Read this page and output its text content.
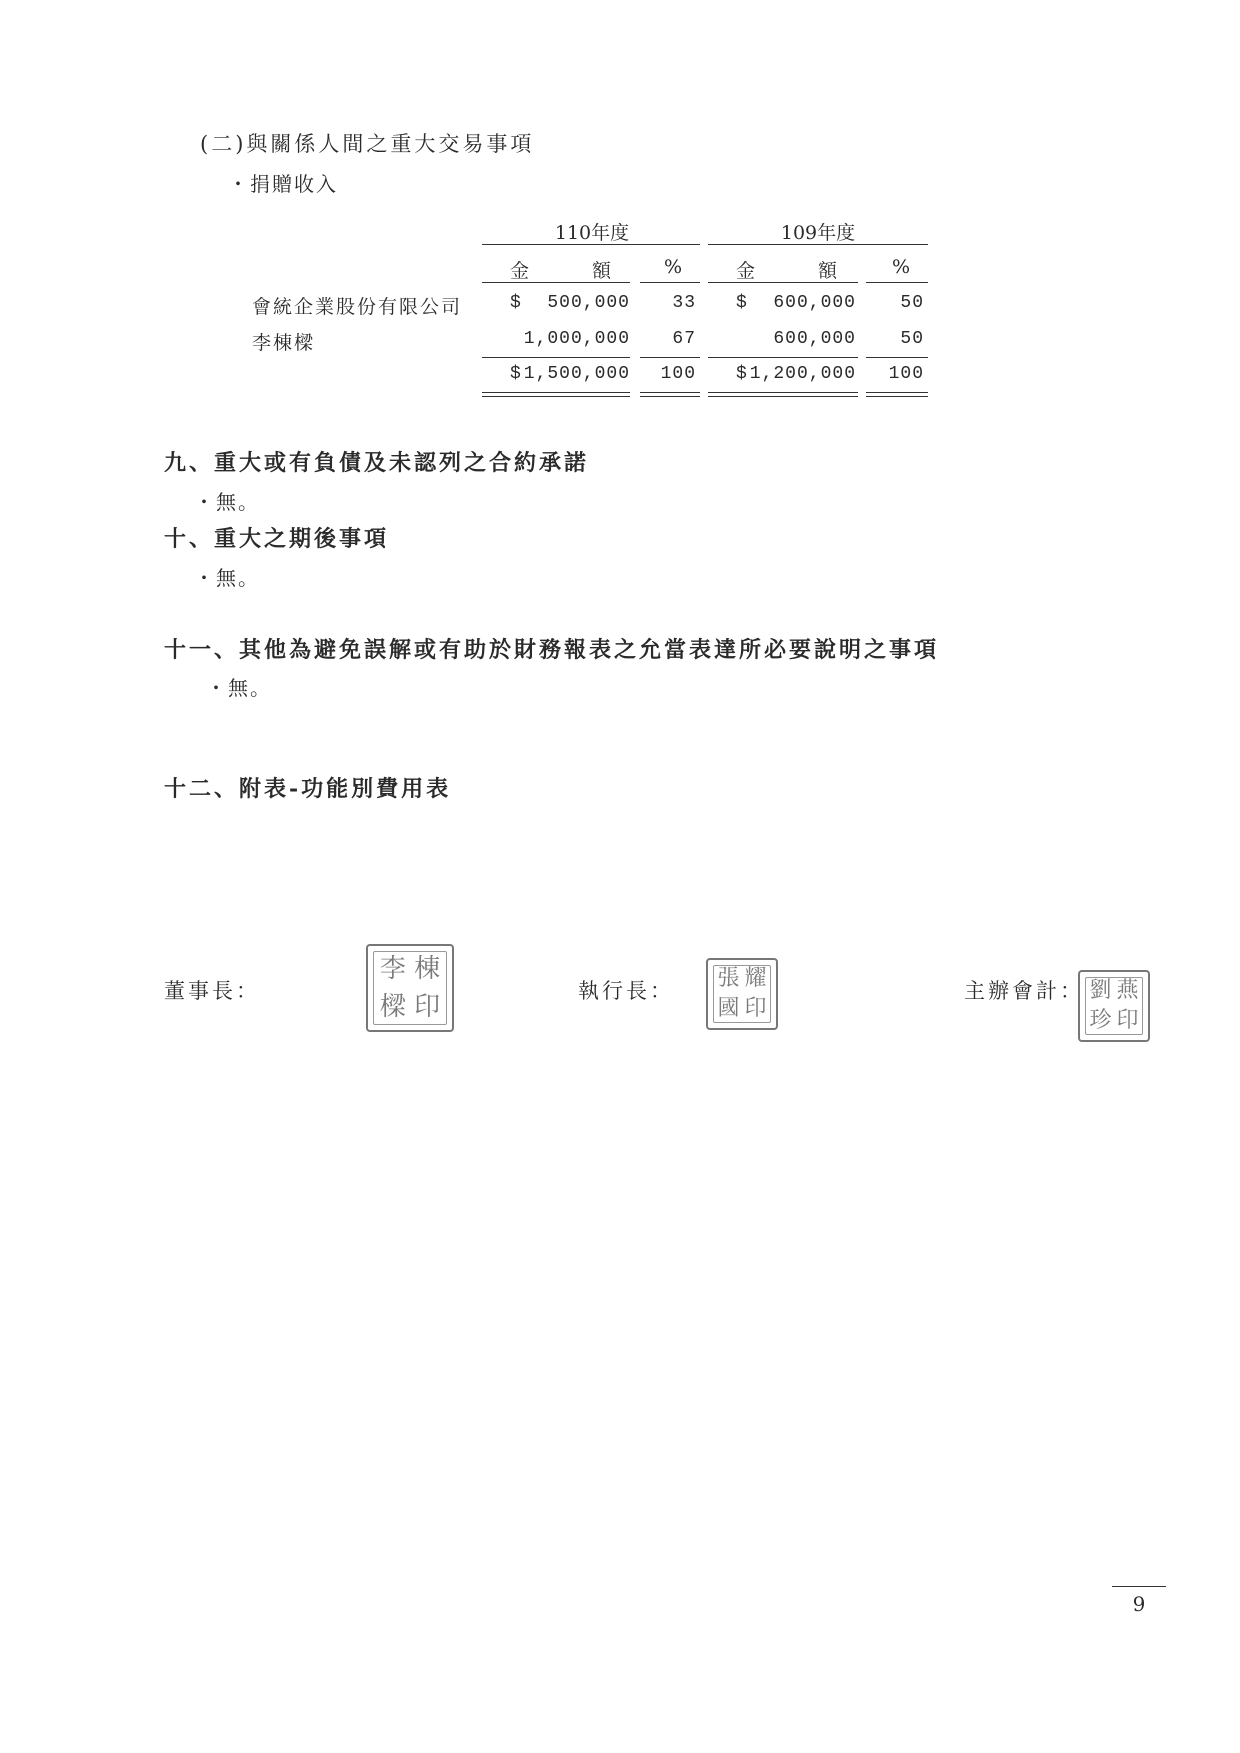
(二)與關係人間之重大交易事項
・捐贈收入
110年度	109年度
金	額	%	金	額	%
會統企業股份有限公司	$	500,000	33 $	600,000	50
李棟樑	1,000,000	67	600,000	50
$ 1,500,000	100 $ 1,200,000	100
九、重大或有負債及未認列之合約承諾
・無。
十、重大之期後事項
・無。
十一、其他為避免誤解或有助於財務報表之允當表達所必要說明之事項
・無。
十二、附表-功能別費用表
董事長：
李 棟
樑 印
執行長： 張 耀
國 印
主辦會計： 劉 燕
珍 印
9
